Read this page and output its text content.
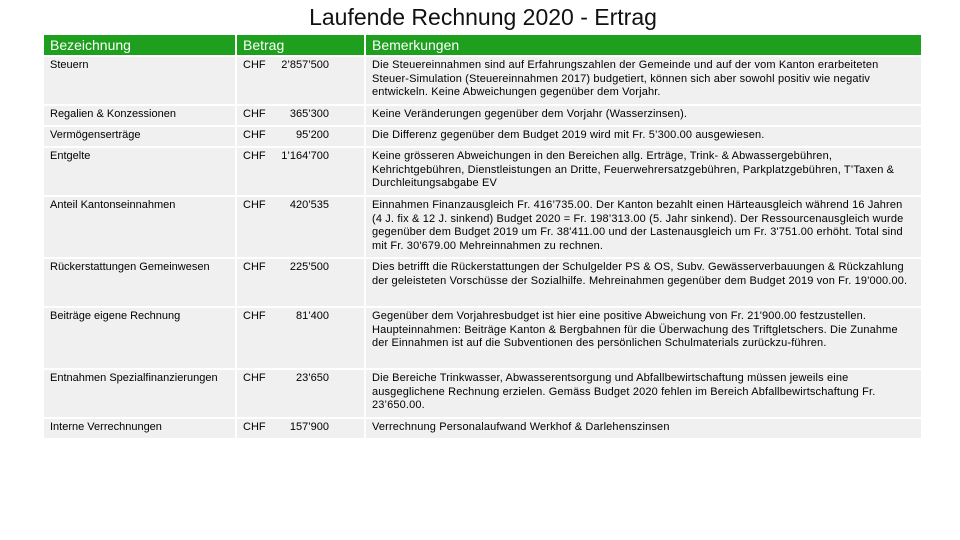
Laufende Rechnung 2020 - Ertrag
Bezeichnung	Betrag	Bemerkungen
Steuern	CHF 2’857’500	Die Steuereinnahmen sind auf Erfahrungszahlen der Gemeinde und auf der vom Kanton erarbeiteten Steuer-Simulation (Steuereinnahmen 2017) budgetiert, können sich aber sowohl positiv wie negativ entwickeln. Keine Abweichungen gegenüber dem Vorjahr.
Regalien & Konzessionen	CHF 365’300	Keine Veränderungen gegenüber dem Vorjahr (Wasserzinsen).
Vermögenserträge	CHF 95’200	Die Differenz gegenüber dem Budget 2019 wird mit Fr. 5’300.00 ausgewiesen.
Entgelte	CHF 1’164’700	Keine grösseren Abweichungen in den Bereichen allg. Erträge, Trink- & Abwassergebühren, Kehrichtgebühren, Dienstleistungen an Dritte, Feuerwehrersatzgebühren, Parkplatzgebühren, T’Taxen & Durchleitungsabgabe EV
Anteil Kantonseinnahmen	CHF 420’535	Einnahmen Finanzausgleich Fr. 416’735.00. Der Kanton bezahlt einen Härteausgleich während 16 Jahren (4 J. fix & 12 J. sinkend) Budget 2020 = Fr. 198’313.00 (5. Jahr sinkend). Der Ressourcenausgleich wurde gegenüber dem Budget 2019 um Fr. 38'411.00 und der Lastenausgleich um Fr. 3'751.00 erhöht. Total sind mit Fr. 30'679.00 Mehreinnahmen zu rechnen.
Rückerstattungen Gemeinwesen	CHF 225’500	Dies betrifft die Rückerstattungen der Schulgelder PS & OS, Subv. Gewässerverbauungen & Rückzahlung der geleisteten Vorschüsse der Sozialhilfe. Mehreinahmen gegenüber dem Budget 2019 von Fr. 19'000.00.
Beiträge eigene Rechnung	CHF 81’400	Gegenüber dem Vorjahresbudget ist hier eine positive Abweichung von Fr. 21'900.00 festzustellen. Haupteinnahmen: Beiträge Kanton & Bergbahnen für die Überwachung des Triftgletschers. Die Zunahme der Einnahmen ist auf die Subventionen des persönlichen Schulmaterials zurückzu-führen.
Entnahmen Spezialfinanzierungen	CHF 23’650	Die Bereiche Trinkwasser, Abwasserentsorgung und Abfallbewirtschaftung müssen jeweils eine ausgeglichene Rechnung erzielen. Gemäss Budget 2020 fehlen im Bereich Abfallbewirtschaftung Fr. 23’650.00.
Interne Verrechnungen	CHF 157’900	Verrechnung Personalaufwand Werkhof & Darlehenszinsen
